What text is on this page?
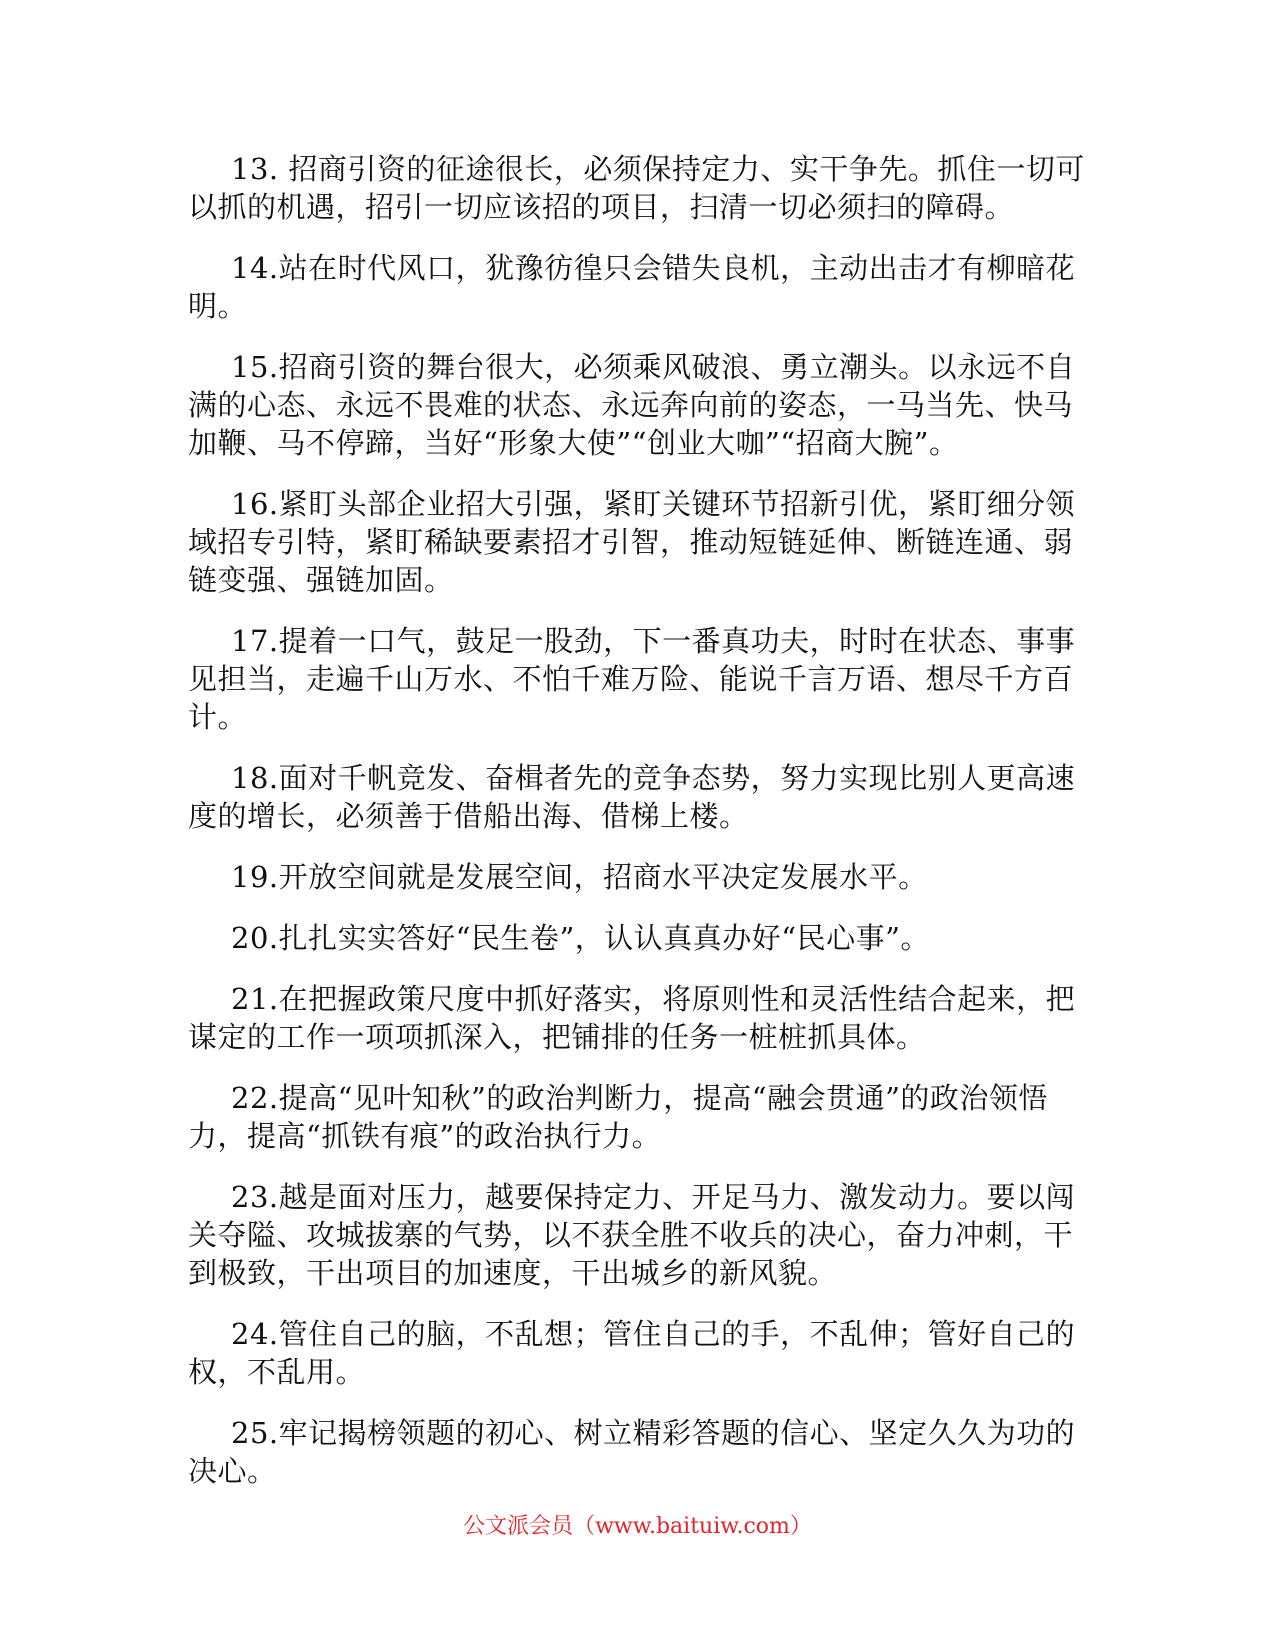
13. 招商引资的征途很长，必须保持定力、实干争先。抓住一切可以抓的机遇，招引一切应该招的项目，扫清一切必须扫的障碍。

14.站在时代风口，犹豫彷徨只会错失良机，主动出击才有柳暗花明。

15.招商引资的舞台很大，必须乘风破浪、勇立潮头。以永远不自满的心态、永远不畏难的状态、永远奔向前的姿态，一马当先、快马加鞭、马不停蹄，当好“形象大使”“创业大咖”“招商大腕”。

16.紧盯头部企业招大引强，紧盯关键环节招新引优，紧盯细分领域招专引特，紧盯稀缺要素招才引智，推动短链延伸、断链连通、弱链变强、强链加固。

17.提着一口气，鼓足一股劲，下一番真功夫，时时在状态、事事见担当，走遍千山万水、不怕千难万险、能说千言万语、想尽千方百计。

18.面对千帆竞发、奋楫者先的竞争态势，努力实现比别人更高速度的增长，必须善于借船出海、借梯上楼。

19.开放空间就是发展空间，招商水平决定发展水平。

20.扎扎实实答好“民生卷”，认认真真办好“民心事”。

21.在把握政策尺度中抓好落实，将原则性和灵活性结合起来，把谋定的工作一项项抓深入，把铺排的任务一桩桩抓具体。

22.提高“见叶知秋”的政治判断力，提高“融会贯通”的政治领悟力，提高“抓铁有痕”的政治执行力。

23.越是面对压力，越要保持定力、开足马力、激发动力。要以闯关夺隘、攻城拔寨的气势，以不获全胜不收兵的决心，奋力冲刺，干到极致，干出项目的加速度，干出城乡的新风貌。

24.管住自己的脑，不乱想；管住自己的手，不乱伸；管好自己的权，不乱用。

25.牢记揭榜领题的初心、树立精彩答题的信心、坚定久久为功的决心。

公文派会员（www.baituiw.com）
